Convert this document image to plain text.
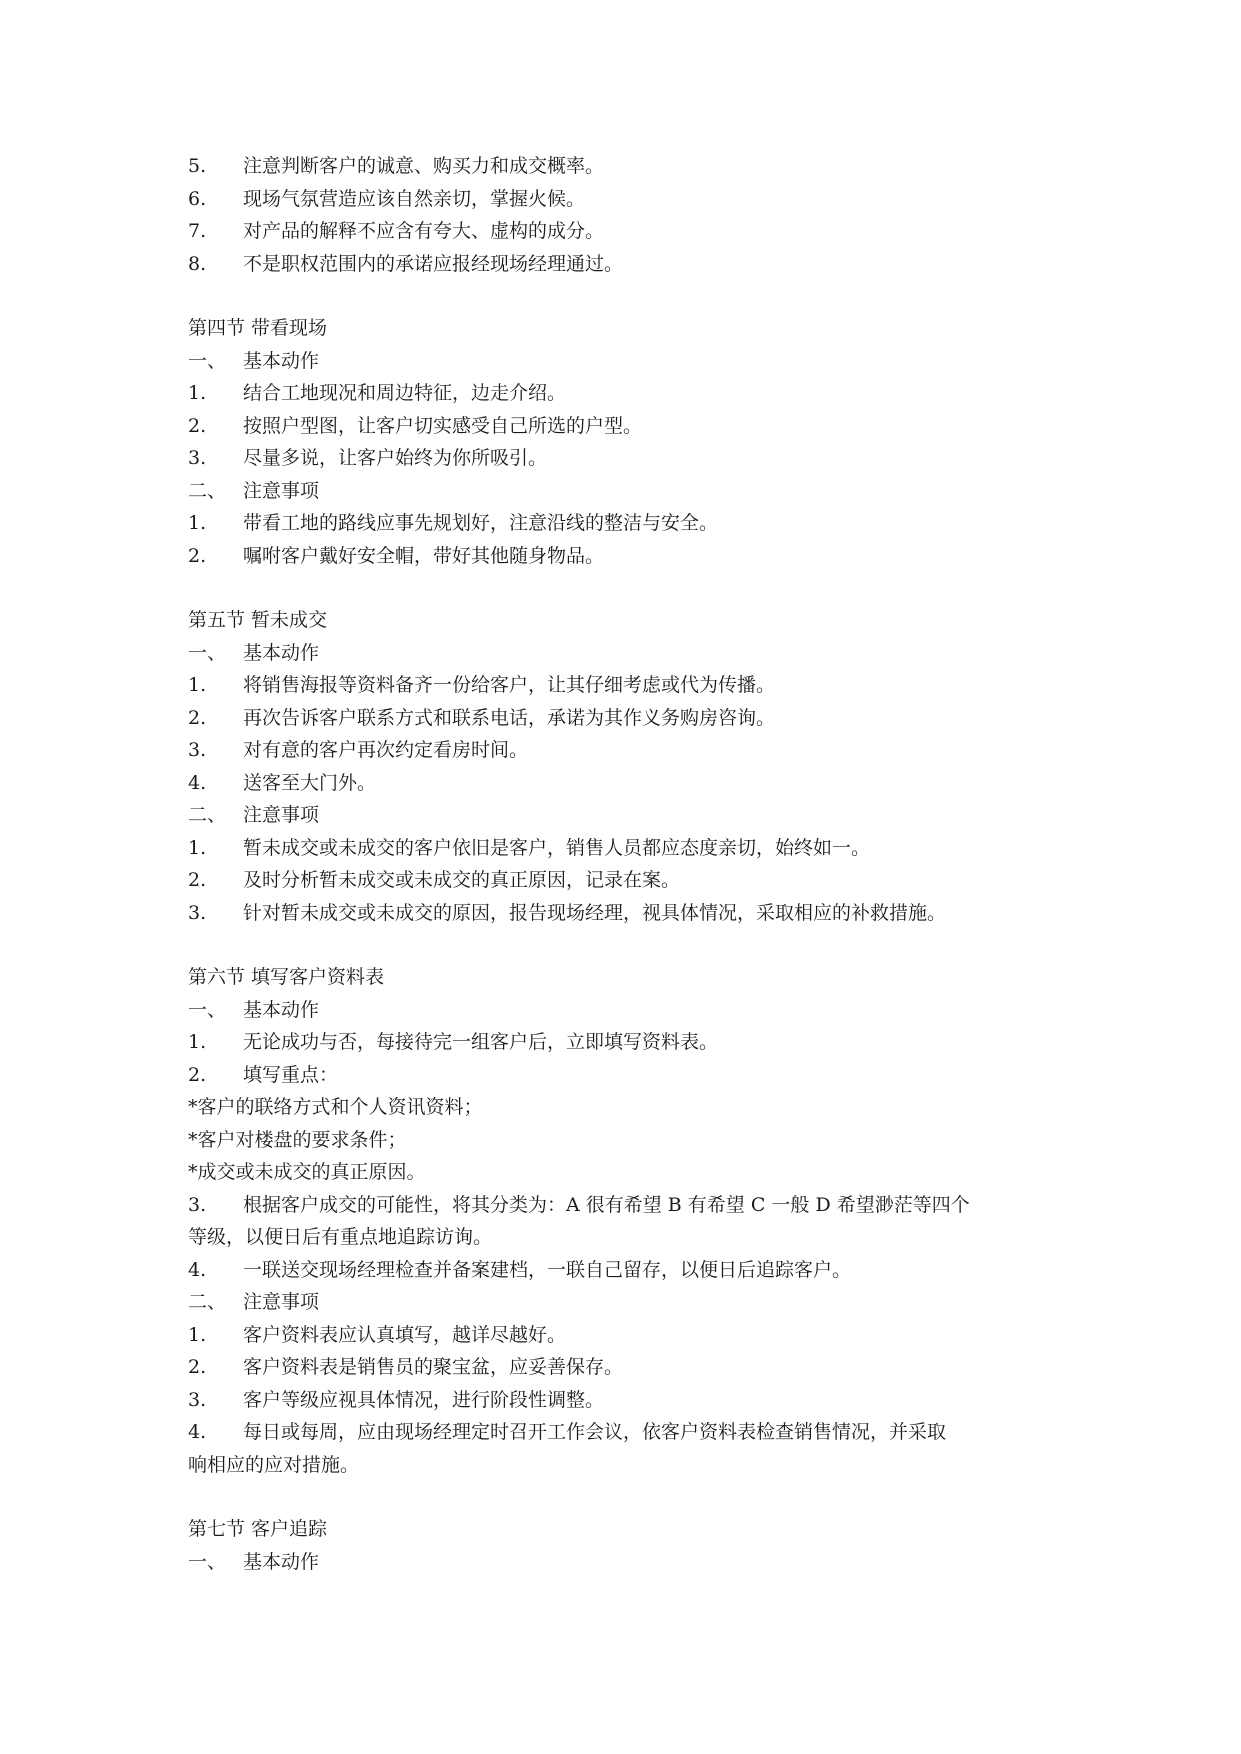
5. 注意判断客户的诚意、购买力和成交概率。
6. 现场气氛营造应该自然亲切，掌握火候。
7. 对产品的解释不应含有夸大、虚构的成分。
8. 不是职权范围内的承诺应报经现场经理通过。
第四节 带看现场
一、 基本动作
1. 结合工地现况和周边特征，边走介绍。
2. 按照户型图，让客户切实感受自己所选的户型。
3. 尽量多说，让客户始终为你所吸引。
二、 注意事项
1. 带看工地的路线应事先规划好，注意沿线的整洁与安全。
2. 嘱咐客户戴好安全帽，带好其他随身物品。
第五节 暂未成交
一、 基本动作
1. 将销售海报等资料备齐一份给客户，让其仔细考虑或代为传播。
2. 再次告诉客户联系方式和联系电话，承诺为其作义务购房咨询。
3. 对有意的客户再次约定看房时间。
4. 送客至大门外。
二、 注意事项
1. 暂未成交或未成交的客户依旧是客户，销售人员都应态度亲切，始终如一。
2. 及时分析暂未成交或未成交的真正原因，记录在案。
3. 针对暂未成交或未成交的原因，报告现场经理，视具体情况，采取相应的补救措施。
第六节 填写客户资料表
一、 基本动作
1. 无论成功与否，每接待完一组客户后，立即填写资料表。
2. 填写重点：
*客户的联络方式和个人资讯资料；
*客户对楼盘的要求条件；
*成交或未成交的真正原因。
3.	根据客户成交的可能性，将其分类为：A 很有希望 B 有希望 C 一般 D 希望渺茫等四个
等级，以便日后有重点地追踪访询。
4. 一联送交现场经理检查并备案建档，一联自己留存，以便日后追踪客户。
二、 注意事项
1. 客户资料表应认真填写，越详尽越好。
2. 客户资料表是销售员的聚宝盆，应妥善保存。
3. 客户等级应视具体情况，进行阶段性调整。
4.	每日或每周，应由现场经理定时召开工作会议，依客户资料表检查销售情况，并采取
响相应的应对措施。
第七节 客户追踪
一、 基本动作
